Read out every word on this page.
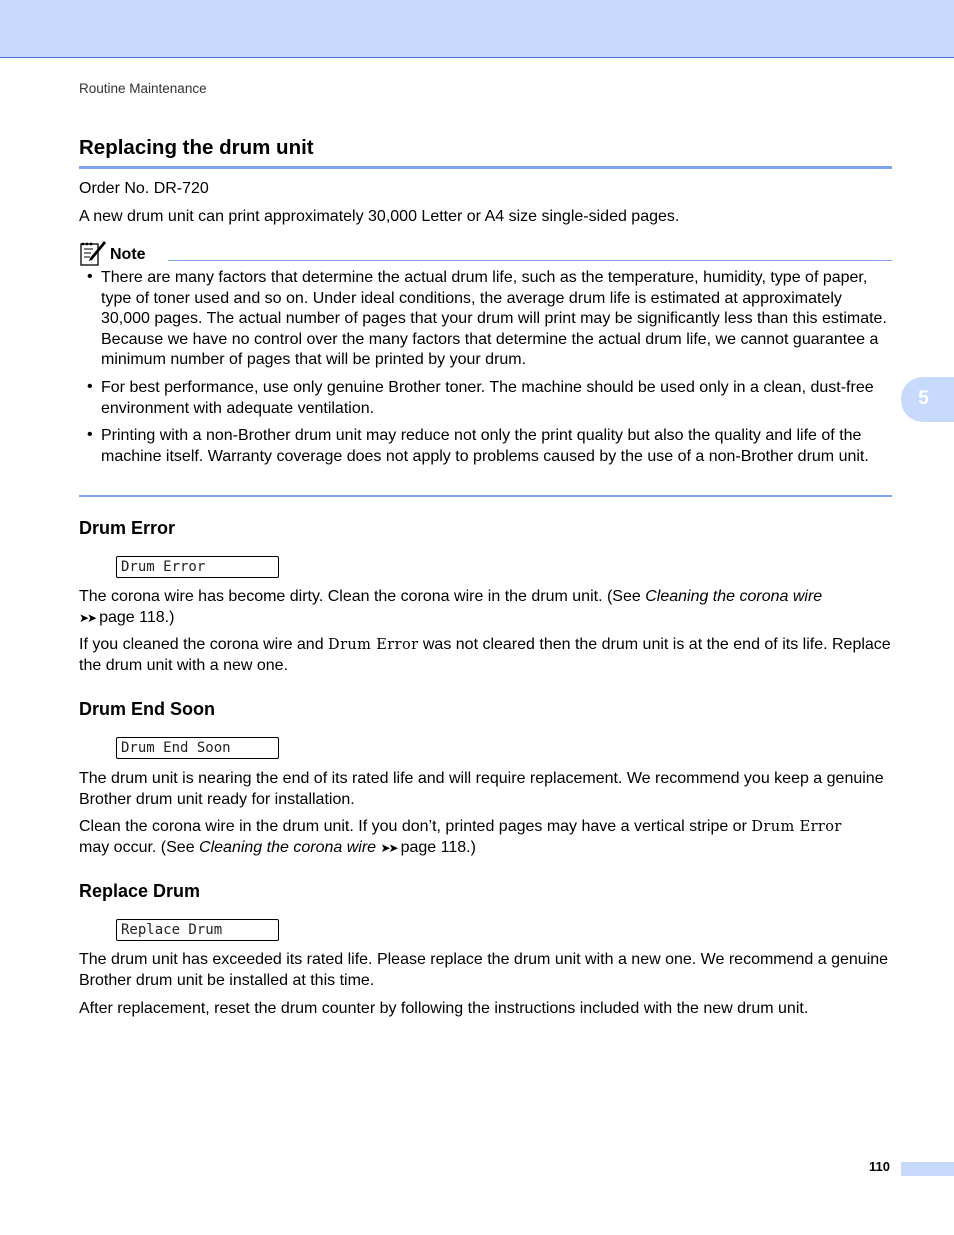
Routine Maintenance
Replacing the drum unit
Order No. DR-720
A new drum unit can print approximately 30,000 Letter or A4 size single-sided pages.
Note
• There are many factors that determine the actual drum life, such as the temperature, humidity, type of paper, type of toner used and so on. Under ideal conditions, the average drum life is estimated at approximately 30,000 pages. The actual number of pages that your drum will print may be significantly less than this estimate. Because we have no control over the many factors that determine the actual drum life, we cannot guarantee a minimum number of pages that will be printed by your drum.
• For best performance, use only genuine Brother toner. The machine should be used only in a clean, dust-free environment with adequate ventilation.
• Printing with a non-Brother drum unit may reduce not only the print quality but also the quality and life of the machine itself. Warranty coverage does not apply to problems caused by the use of a non-Brother drum unit.
5
Drum Error
Drum Error
The corona wire has become dirty. Clean the corona wire in the drum unit. (See Cleaning the corona wire
➤➤ page 118.)
If you cleaned the corona wire and Drum Error was not cleared then the drum unit is at the end of its life. Replace the drum unit with a new one.
Drum End Soon
Drum End Soon
The drum unit is nearing the end of its rated life and will require replacement. We recommend you keep a genuine Brother drum unit ready for installation.
Clean the corona wire in the drum unit. If you don’t, printed pages may have a vertical stripe or Drum Error
may occur. (See Cleaning the corona wire ➤➤ page 118.)
Replace Drum
Replace Drum
The drum unit has exceeded its rated life. Please replace the drum unit with a new one. We recommend a genuine Brother drum unit be installed at this time.
After replacement, reset the drum counter by following the instructions included with the new drum unit.
110
